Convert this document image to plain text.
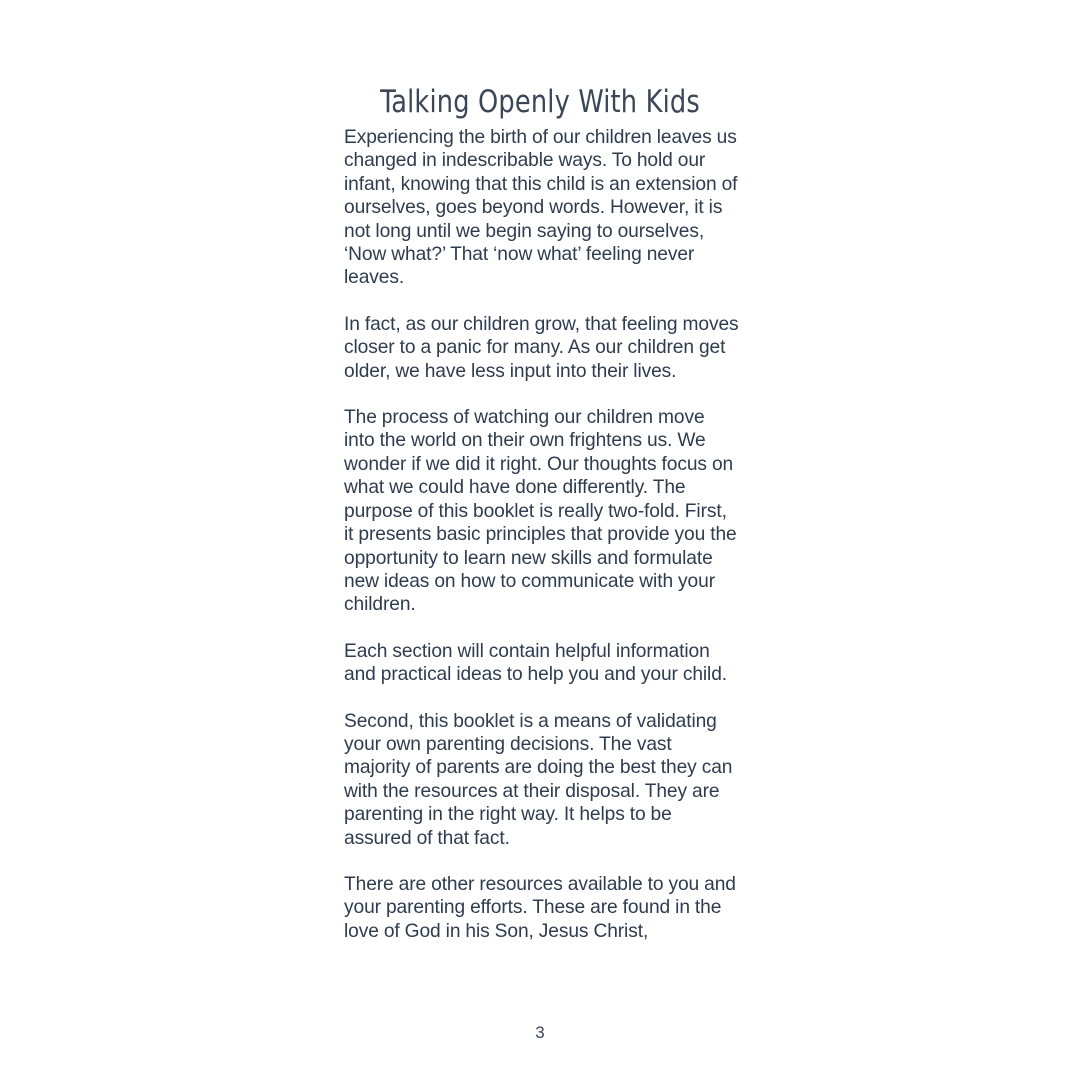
Talking Openly With Kids

Experiencing the birth of our children leaves us changed in indescribable ways. To hold our infant, knowing that this child is an extension of ourselves, goes beyond words. However, it is not long until we begin saying to ourselves, ‘Now what?’ That ‘now what’ feeling never leaves.

In fact, as our children grow, that feeling moves closer to a panic for many. As our children get older, we have less input into their lives.

The process of watching our children move into the world on their own frightens us. We wonder if we did it right. Our thoughts focus on what we could have done differently. The purpose of this booklet is really two-fold. First, it presents basic principles that provide you the opportunity to learn new skills and formulate new ideas on how to communicate with your children.

Each section will contain helpful information and practical ideas to help you and your child.

Second, this booklet is a means of validating your own parenting decisions. The vast majority of parents are doing the best they can with the resources at their disposal. They are parenting in the right way. It helps to be assured of that fact.

There are other resources available to you and your parenting efforts. These are found in the love of God in his Son, Jesus Christ,

3
